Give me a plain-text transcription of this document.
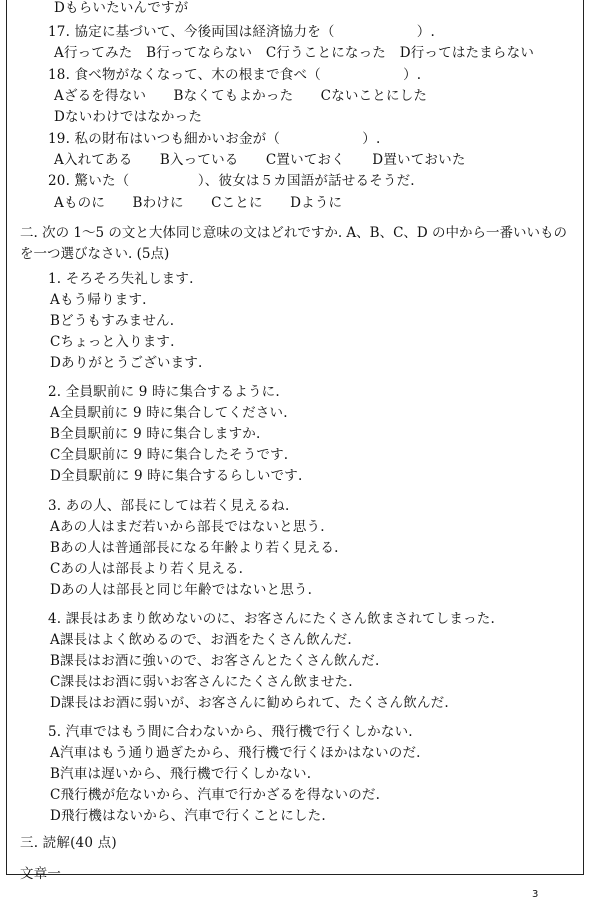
Dもらいたいんですが
17. 協定に基づいて、今後両国は経済協力を（　　　　　　）.
A行ってみた　B行ってならない　C行うことになった　D行ってはたまらない
18. 食べ物がなくなって、木の根まで食べ（　　　　　　）.
Aざるを得ない　　Bなくてもよかった　　Cないことにした
Dないわけではなかった
19. 私の財布はいつも細かいお金が（　　　　　　）.
A入れてある　　B入っている　　C置いておく　　D置いておいた
20. 驚いた（　　　　　）、彼女は５カ国語が話せるそうだ.
Aものに　　Bわけに　　Cことに　　Dように
二. 次の 1～5 の文と大体同じ意味の文はどれですか. A、B、C、D の中から一番いいものを一つ選びなさい. (5点)
1. そろそろ失礼します.
Aもう帰ります.
Bどうもすみません.
Cちょっと入ります.
Dありがとうございます.
2. 全員駅前に 9 時に集合するように.
A全員駅前に 9 時に集合してください.
B全員駅前に 9 時に集合しますか.
C全員駅前に 9 時に集合したそうです.
D全員駅前に 9 時に集合するらしいです.
3. あの人、部長にしては若く見えるね.
Aあの人はまだ若いから部長ではないと思う.
Bあの人は普通部長になる年齢より若く見える.
Cあの人は部長より若く見える.
Dあの人は部長と同じ年齢ではないと思う.
4. 課長はあまり飲めないのに、お客さんにたくさん飲まされてしまった.
A課長はよく飲めるので、お酒をたくさん飲んだ.
B課長はお酒に強いので、お客さんとたくさん飲んだ.
C課長はお酒に弱いお客さんにたくさん飲ませた.
D課長はお酒に弱いが、お客さんに勧められて、たくさん飲んだ.
5. 汽車ではもう間に合わないから、飛行機で行くしかない.
A汽車はもう通り過ぎたから、飛行機で行くほかはないのだ.
B汽車は遅いから、飛行機で行くしかない.
C飛行機が危ないから、汽車で行かざるを得ないのだ.
D飛行機はないから、汽車で行くことにした.
三. 読解(40 点)
文章一
3
